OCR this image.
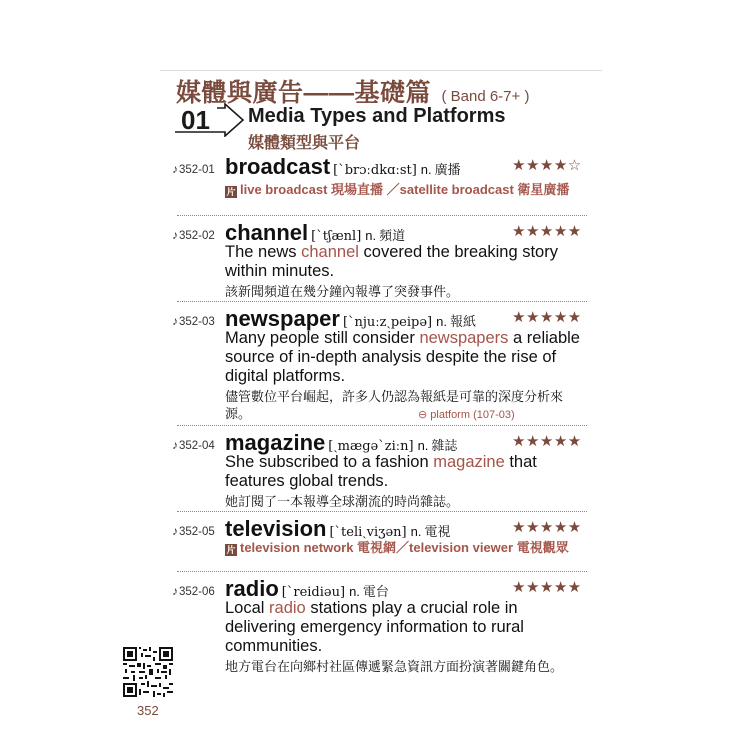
媒體與廣告——基礎篇 ( Band 6-7+ )
01 Media Types and Platforms
媒體類型與平台
♪352-01 broadcast [ˋbrɔːdkɑːst] n. 廣播	★★★★☆
片 live broadcast 現場直播 ／satellite broadcast 衛星廣播
♪352-02 channel [ˋtʃænl] n. 頻道	★★★★★
The news channel covered the breaking story within minutes.
該新聞頻道在幾分鐘內報導了突發事件。
♪352-03 newspaper [ˋnjuːzˏpeipə] n. 報紙 ★★★★★
Many people still consider newspapers a reliable source of in-depth analysis despite the rise of digital platforms.
儘管數位平台崛起，許多人仍認為報紙是可靠的深度分析來源。	⊖ platform (107-03)
♪352-04 magazine [ˏmægəˋziːn] n. 雜誌	★★★★★
She subscribed to a fashion magazine that features global trends.
她訂閱了一本報導全球潮流的時尚雜誌。
♪352-05 television [ˋteliˏviʒən] n. 電視	★★★★★
片 television network 電視網／television viewer 電視觀眾
♪352-06 radio [ˋreidiəu] n. 電台	★★★★★
Local radio stations play a crucial role in delivering emergency information to rural communities.
地方電台在向鄉村社區傳遞緊急資訊方面扮演著關鍵角色。
352
